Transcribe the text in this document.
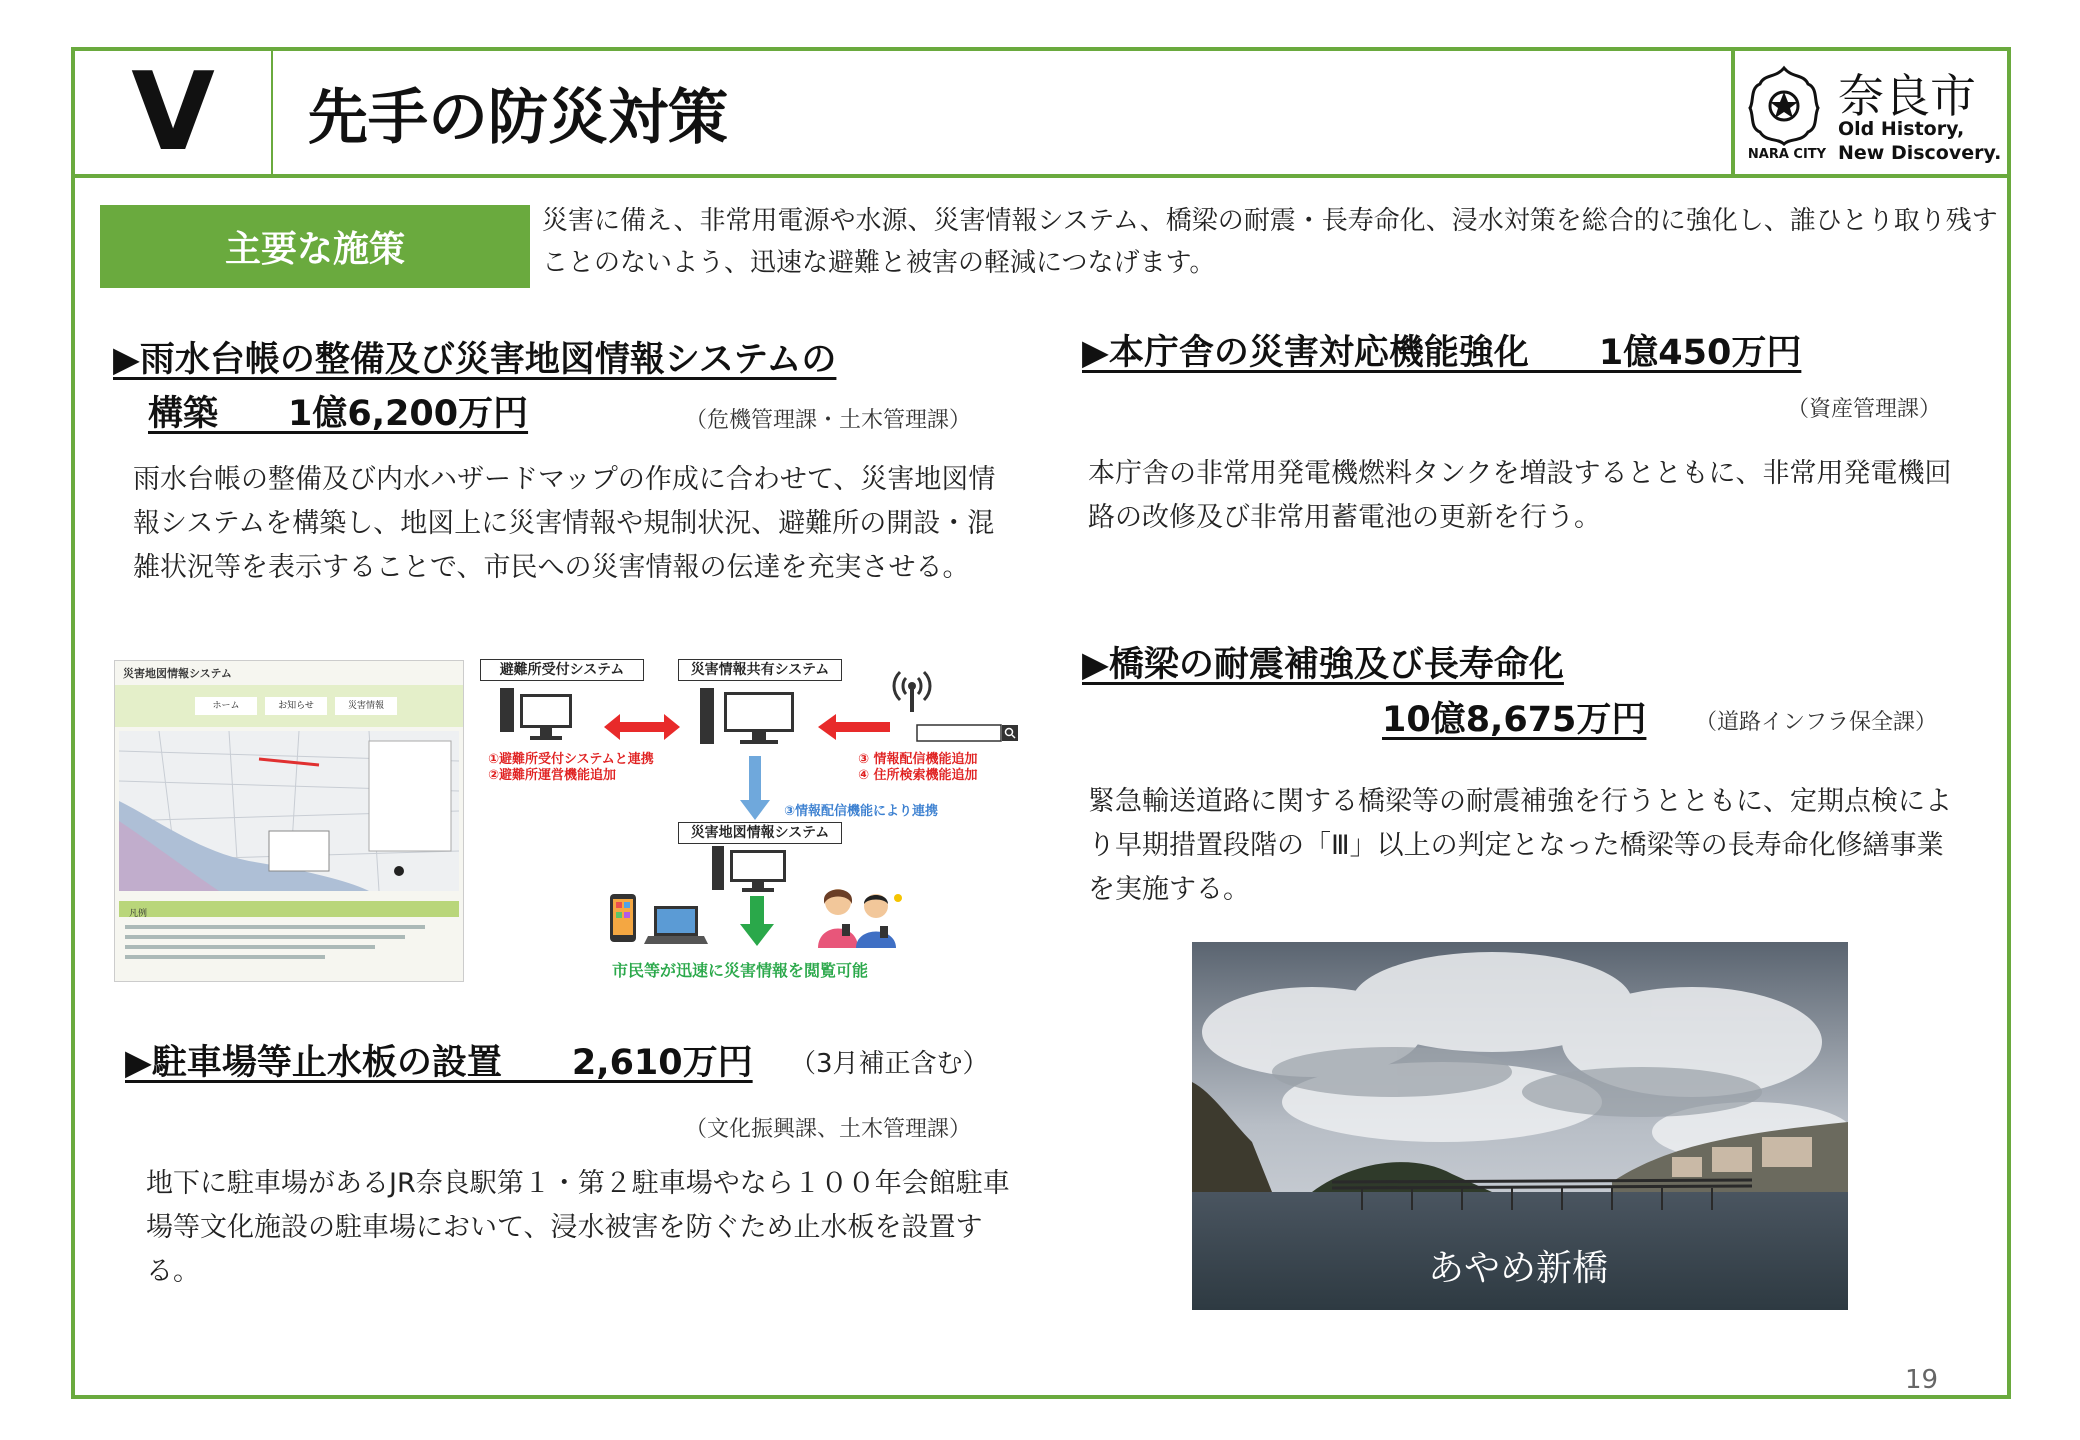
V	先手の防災対策
NARA CITY
奈良市
Old History,
New Discovery.
主要な施策
災害に備え、非常用電源や水源、災害情報システム、橋梁の耐震・長寿命化、浸水対策を総合的に強化し、誰ひとり取り残すことのないよう、迅速な避難と被害の軽減につなげます。
▶雨水台帳の整備及び災害地図情報システムの
構築　　1億6,200万円	（危機管理課・土木管理課）
雨水台帳の整備及び内水ハザードマップの作成に合わせて、災害地図情報システムを構築し、地図上に災害情報や規制状況、避難所の開設・混雑状況等を表示することで、市民への災害情報の伝達を充実させる。
災害地図情報システム
ホーム	お知らせ	災害情報
凡例
避難所受付システム	災害情報共有システム
災害地図情報システム
①避難所受付システムと連携
②避難所運営機能追加
③ 情報配信機能追加
④ 住所検索機能追加
③情報配信機能により連携
市民等が迅速に災害情報を閲覧可能
▶駐車場等止水板の設置　　2,610万円 （3月補正含む）
（文化振興課、土木管理課）
地下に駐車場があるJR奈良駅第１・第２駐車場やなら１００年会館駐車場等文化施設の駐車場において、浸水被害を防ぐため止水板を設置する。
▶本庁舎の災害対応機能強化　　1億450万円
（資産管理課）
本庁舎の非常用発電機燃料タンクを増設するとともに、非常用発電機回路の改修及び非常用蓄電池の更新を行う。
▶橋梁の耐震補強及び長寿命化
10億8,675万円 （道路インフラ保全課）
緊急輸送道路に関する橋梁等の耐震補強を行うとともに、定期点検により早期措置段階の「Ⅲ」以上の判定となった橋梁等の長寿命化修繕事業を実施する。
あやめ新橋
19
